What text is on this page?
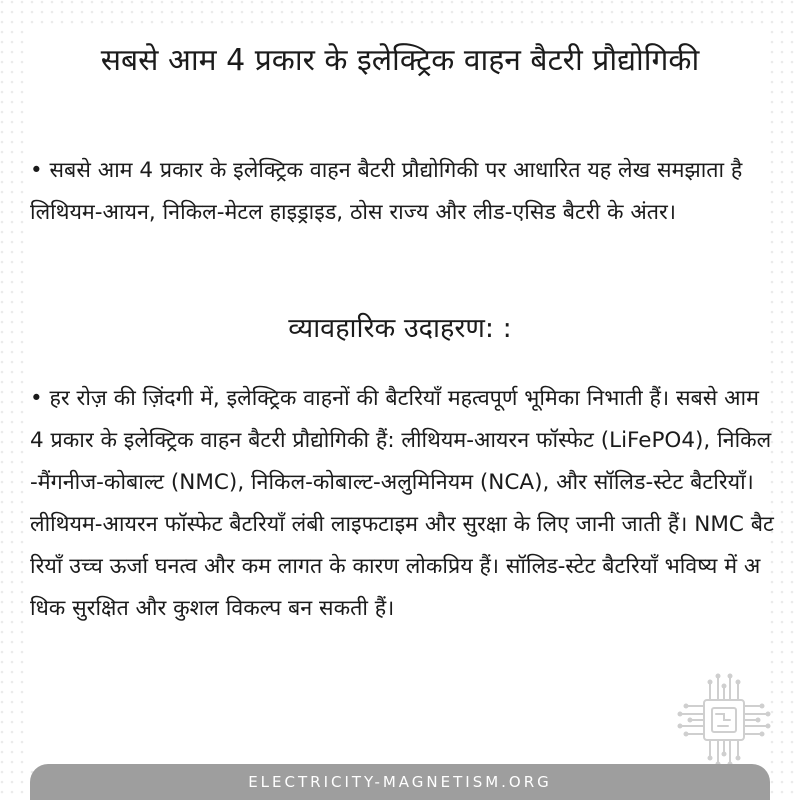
सबसे आम 4 प्रकार के इलेक्ट्रिक वाहन बैटरी प्रौद्योगिकी

• सबसे आम 4 प्रकार के इलेक्ट्रिक वाहन बैटरी प्रौद्योगिकी पर आधारित यह लेख समझाता है लिथियम-आयन, निकिल-मेटल हाइड्राइड, ठोस राज्य और लीड-एसिड बैटरी के अंतर।

व्यावहारिक उदाहरण: :

• हर रोज़ की ज़िंदगी में, इलेक्ट्रिक वाहनों की बैटरियाँ महत्वपूर्ण भूमिका निभाती हैं। सबसे आम 4 प्रकार के इलेक्ट्रिक वाहन बैटरी प्रौद्योगिकी हैं: लीथियम-आयरन फॉस्फेट (LiFePO4), निकिल-मैंगनीज-कोबाल्ट (NMC), निकिल-कोबाल्ट-अलुमिनियम (NCA), और सॉलिड-स्टेट बैटरियाँ। लीथियम-आयरन फॉस्फेट बैटरियाँ लंबी लाइफटाइम और सुरक्षा के लिए जानी जाती हैं। NMC बैटरियाँ उच्च ऊर्जा घनत्व और कम लागत के कारण लोकप्रिय हैं। सॉलिड-स्टेट बैटरियाँ भविष्य में अधिक सुरक्षित और कुशल विकल्प बन सकती हैं।

ELECTRICITY-MAGNETISM.ORG
